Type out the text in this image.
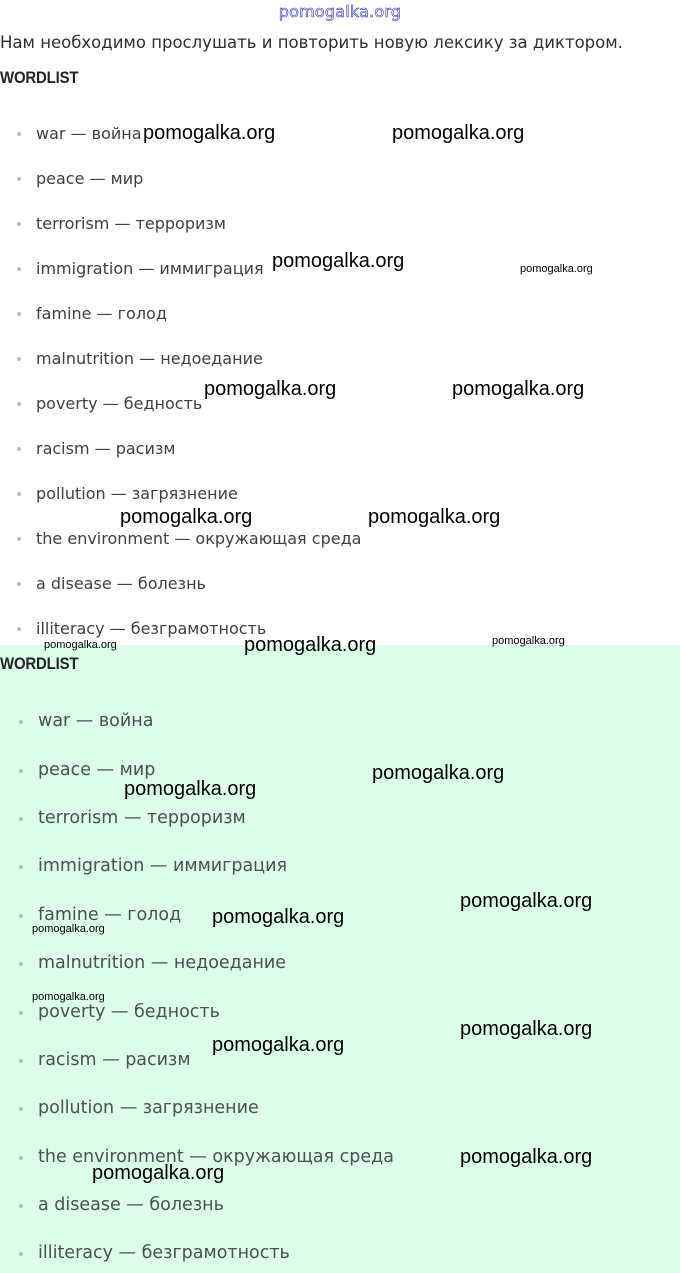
pomogalka.org
Нам необходимо прослушать и повторить новую лексику за диктором.
WORDLIST
war — война
peace — мир
terrorism — терроризм
immigration — иммиграция
famine — голод
malnutrition — недоедание
poverty — бедность
racism — расизм
pollution — загрязнение
the environment — окружающая среда
a disease — болезнь
illiteracy — безграмотность
WORDLIST
war — война
peace — мир
terrorism — терроризм
immigration — иммиграция
famine — голод
malnutrition — недоедание
poverty — бедность
racism — расизм
pollution — загрязнение
the environment — окружающая среда
a disease — болезнь
illiteracy — безграмотность
pomogalka.org	pomogalka.org
pomogalka.org	pomogalka.org
pomogalka.org	pomogalka.org
pomogalka.org	pomogalka.org
pomogalka.org	pomogalka.org	pomogalka.org
pomogalka.org
pomogalka.org
pomogalka.org
pomogalka.org
pomogalka.org
pomogalka.org
pomogalka.org
pomogalka.org
pomogalka.org
pomogalka.org
